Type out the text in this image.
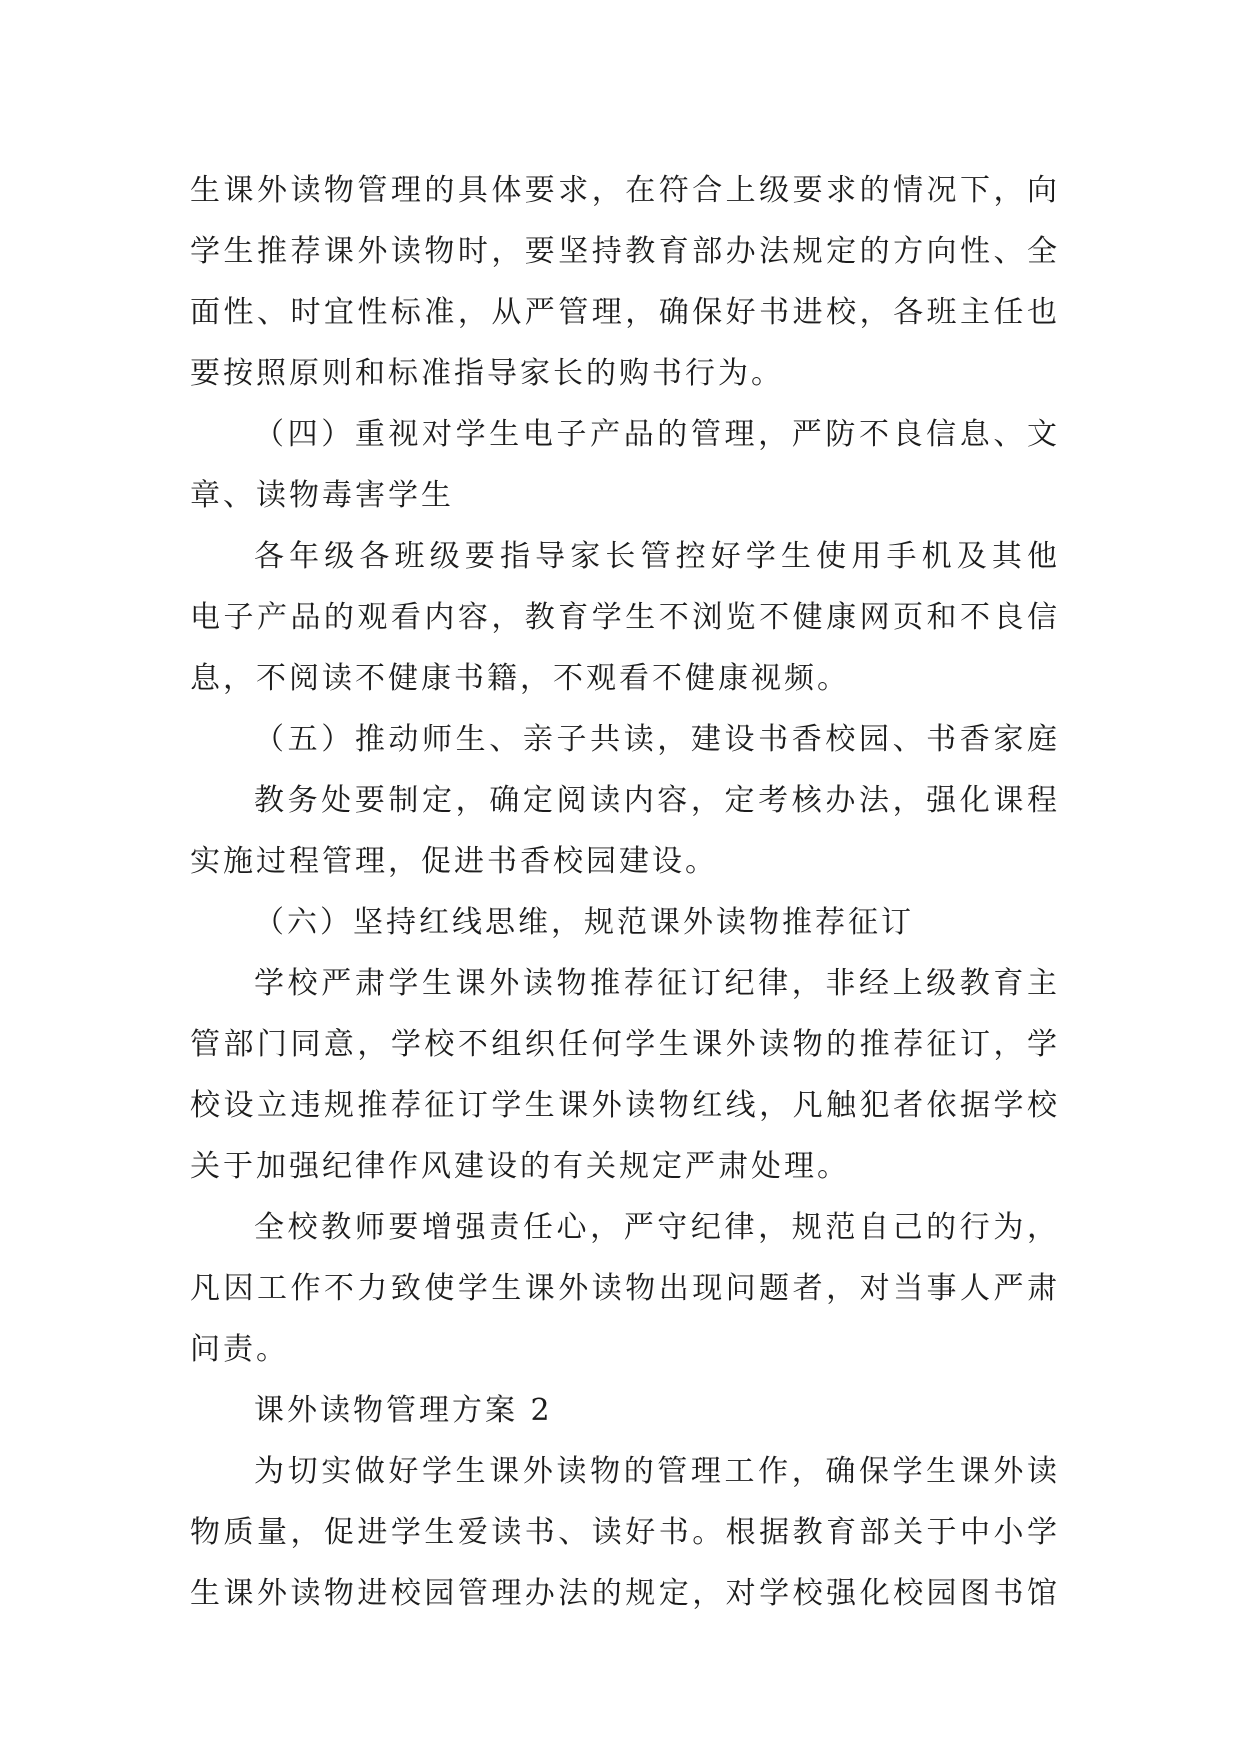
生课外读物管理的具体要求，在符合上级要求的情况下，向
学生推荐课外读物时，要坚持教育部办法规定的方向性、全
面性、时宜性标准，从严管理，确保好书进校，各班主任也
要按照原则和标准指导家长的购书行为。
（四）重视对学生电子产品的管理，严防不良信息、文
章、读物毒害学生
各年级各班级要指导家长管控好学生使用手机及其他
电子产品的观看内容，教育学生不浏览不健康网页和不良信
息，不阅读不健康书籍，不观看不健康视频。
（五）推动师生、亲子共读，建设书香校园、书香家庭
教务处要制定，确定阅读内容，定考核办法，强化课程
实施过程管理，促进书香校园建设。
（六）坚持红线思维，规范课外读物推荐征订
学校严肃学生课外读物推荐征订纪律，非经上级教育主
管部门同意，学校不组织任何学生课外读物的推荐征订，学
校设立违规推荐征订学生课外读物红线，凡触犯者依据学校
关于加强纪律作风建设的有关规定严肃处理。
全校教师要增强责任心，严守纪律，规范自己的行为，
凡因工作不力致使学生课外读物出现问题者，对当事人严肃
问责。
课外读物管理方案 2
为切实做好学生课外读物的管理工作，确保学生课外读
物质量，促进学生爱读书、读好书。根据教育部关于中小学
生课外读物进校园管理办法的规定，对学校强化校园图书馆
